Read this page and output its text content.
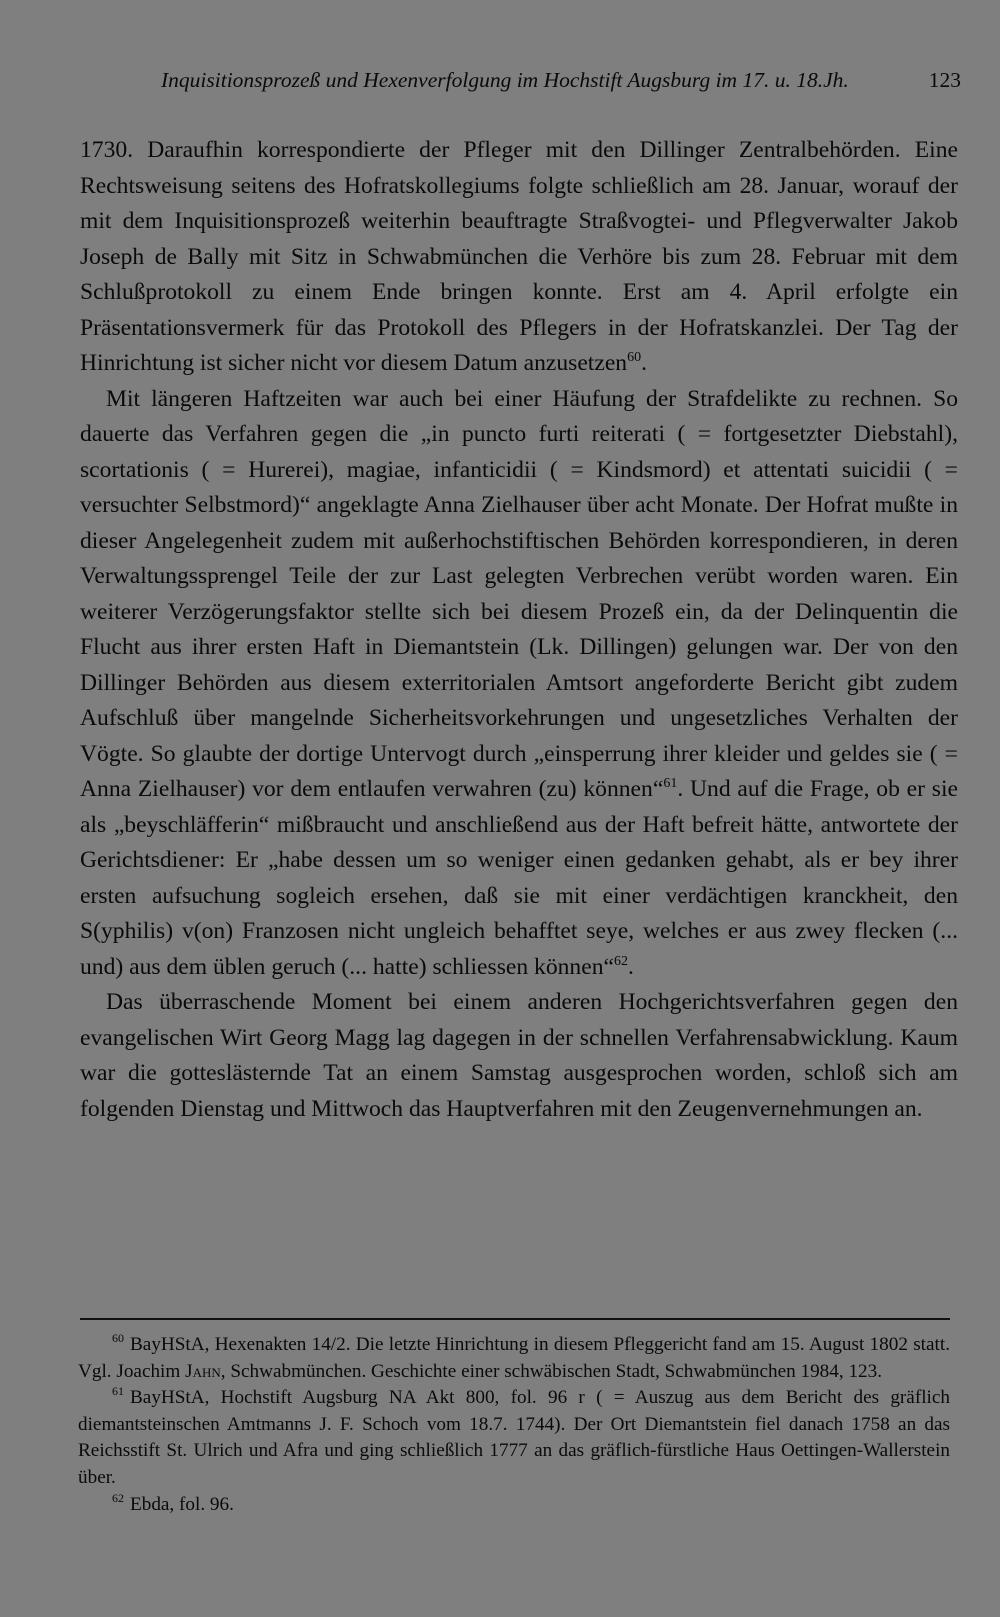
Inquisitionsprozeß und Hexenverfolgung im Hochstift Augsburg im 17. u. 18.Jh.	123

1730. Daraufhin korrespondierte der Pfleger mit den Dillinger Zentralbehörden. Eine Rechtsweisung seitens des Hofratskollegiums folgte schließlich am 28. Januar, worauf der mit dem Inquisitionsprozeß weiterhin beauftragte Straßvogtei- und Pflegverwalter Jakob Joseph de Bally mit Sitz in Schwabmünchen die Verhöre bis zum 28. Februar mit dem Schlußprotokoll zu einem Ende bringen konnte. Erst am 4. April erfolgte ein Präsentationsvermerk für das Protokoll des Pflegers in der Hofratskanzlei. Der Tag der Hinrichtung ist sicher nicht vor diesem Datum anzusetzen$^{60}$.

Mit längeren Haftzeiten war auch bei einer Häufung der Strafdelikte zu rechnen. So dauerte das Verfahren gegen die „in puncto furti reiterati ( = fortgesetzter Diebstahl), scortationis ( = Hurerei), magiae, infanticidii ( = Kindsmord) et attentati suicidii ( = versuchter Selbstmord)“ angeklagte Anna Zielhauser über acht Monate. Der Hofrat mußte in dieser Angelegenheit zudem mit außerhochstiftischen Behörden korrespondieren, in deren Verwaltungssprengel Teile der zur Last gelegten Verbrechen verübt worden waren. Ein weiterer Verzögerungsfaktor stellte sich bei diesem Prozeß ein, da der Delinquentin die Flucht aus ihrer ersten Haft in Diemantstein (Lk. Dillingen) gelungen war. Der von den Dillinger Behörden aus diesem exterritorialen Amtsort angeforderte Bericht gibt zudem Aufschluß über mangelnde Sicherheitsvorkehrungen und ungesetzliches Verhalten der Vögte. So glaubte der dortige Untervogt durch „einsperrung ihrer kleider und geldes sie ( = Anna Zielhauser) vor dem entlaufen verwahren (zu) können“$^{61}$. Und auf die Frage, ob er sie als „beyschläfferin“ mißbraucht und anschließend aus der Haft befreit hätte, antwortete der Gerichtsdiener: Er „habe dessen um so weniger einen gedanken gehabt, als er bey ihrer ersten aufsuchung sogleich ersehen, daß sie mit einer verdächtigen kranckheit, den S(yphilis) v(on) Franzosen nicht ungleich behafftet seye, welches er aus zwey flecken (... und) aus dem üblen geruch (... hatte) schliessen können“$^{62}$.

Das überraschende Moment bei einem anderen Hochgerichtsverfahren gegen den evangelischen Wirt Georg Magg lag dagegen in der schnellen Verfahrensabwicklung. Kaum war die gotteslästernde Tat an einem Samstag ausgesprochen worden, schloß sich am folgenden Dienstag und Mittwoch das Hauptverfahren mit den Zeugenvernehmungen an.

$^{60}$ BayHStA, Hexenakten 14/2. Die letzte Hinrichtung in diesem Pfleggericht fand am 15. August 1802 statt. Vgl. Joachim Jahn, Schwabmünchen. Geschichte einer schwäbischen Stadt, Schwabmünchen 1984, 123.

$^{61}$ BayHStA, Hochstift Augsburg NA Akt 800, fol. 96 r ( = Auszug aus dem Bericht des gräflich diemantsteinschen Amtmanns J. F. Schoch vom 18.7. 1744). Der Ort Diemantstein fiel danach 1758 an das Reichsstift St. Ulrich und Afra und ging schließlich 1777 an das gräflich-fürstliche Haus Oettingen-Wallerstein über.

$^{62}$ Ebda, fol. 96.
